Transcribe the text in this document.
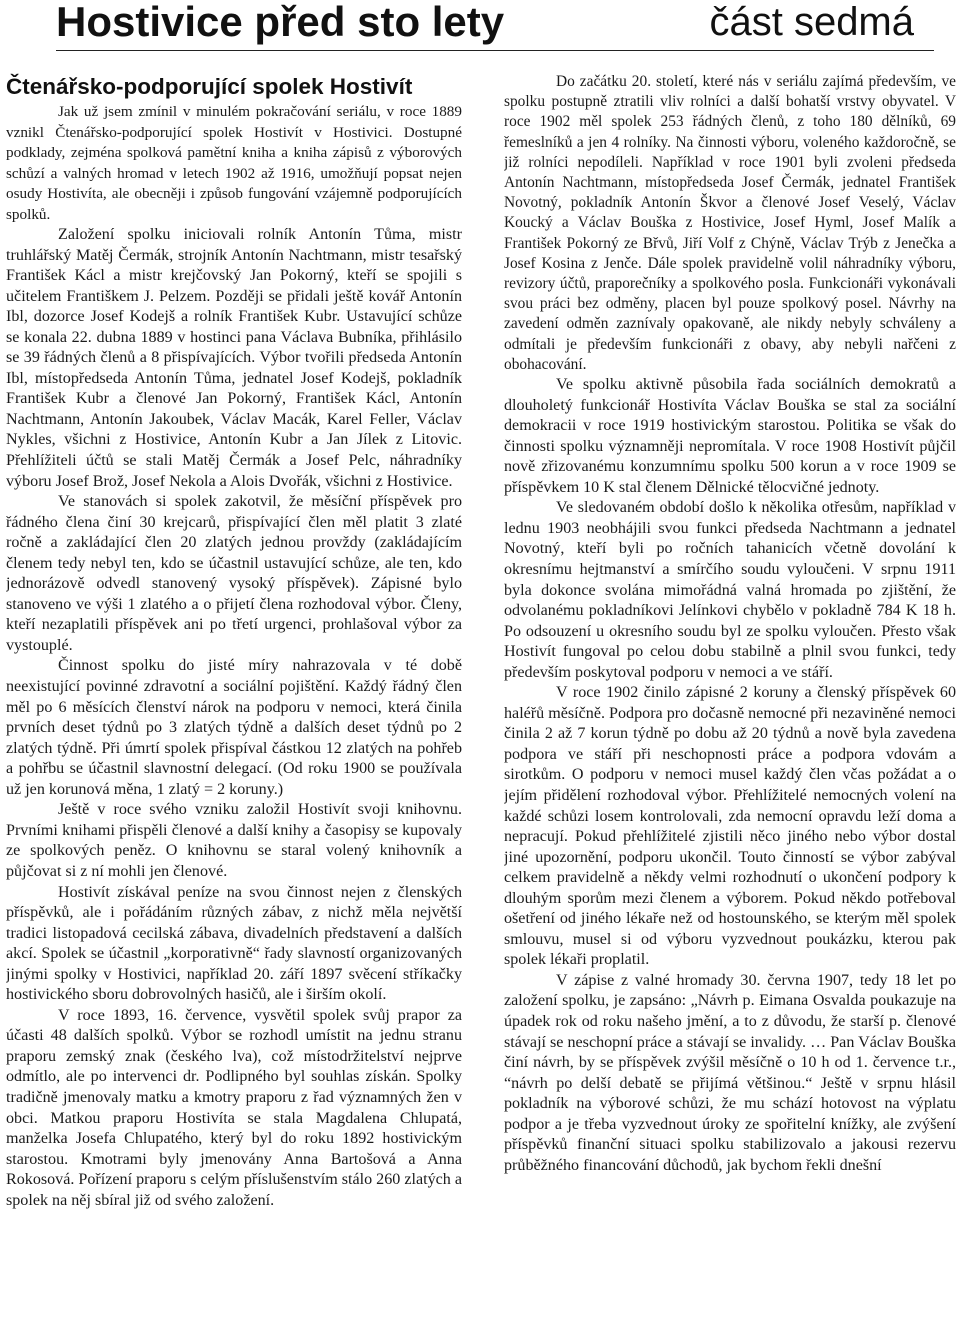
Hostivice před sto lety	část sedmá
Čtenářsko-podporující spolek Hostivít

Jak už jsem zmínil v minulém pokračování seriálu, v roce 1889 vznikl Čtenářsko-podporující spolek Hostivít v Hostivici. Dostupné podklady, zejména spolková pamětní kniha a kniha zápisů z výborových schůzí a valných hromad v letech 1902 až 1916, umožňují popsat nejen osudy Hostivíta, ale obecněji i způsob fungování vzájemně podporujících spolků.

Založení spolku iniciovali rolník Antonín Tůma, mistr truhlářský Matěj Čermák, strojník Antonín Nachtmann, mistr tesařský František Kácl a mistr krejčovský Jan Pokorný, kteří se spojili s učitelem Františkem J. Pelzem. Později se přidali ještě kovář Antonín Ibl, dozorce Josef Kodejš a rolník František Kubr. Ustavující schůze se konala 22. dubna 1889 v hostinci pana Václava Bubníka, přihlásilo se 39 řádných členů a 8 přispívajících. Výbor tvořili předseda Antonín Ibl, místopředseda Antonín Tůma, jednatel Josef Kodejš, pokladník František Kubr a členové Jan Pokorný, František Kácl, Antonín Nachtmann, Antonín Jakoubek, Václav Macák, Karel Feller, Václav Nykles, všichni z Hostivice, Antonín Kubr a Jan Jílek z Litovic. Přehlížiteli účtů se stali Matěj Čermák a Josef Pelc, náhradníky výboru Josef Brož, Josef Nekola a Alois Dvořák, všichni z Hostivice.

Ve stanovách si spolek zakotvil, že měsíční příspěvek pro řádného člena činí 30 krejcarů, přispívající člen měl platit 3 zlaté ročně a zakládající člen 20 zlatých jednou provždy (zakládajícím členem tedy nebyl ten, kdo se účastnil ustavující schůze, ale ten, kdo jednorázově odvedl stanovený vysoký příspěvek). Zápisné bylo stanoveno ve výši 1 zlatého a o přijetí člena rozhodoval výbor. Členy, kteří nezaplatili příspěvek ani po třetí urgenci, prohlašoval výbor za vystouplé.

Činnost spolku do jisté míry nahrazovala v té době neexistující povinné zdravotní a sociální pojištění. Každý řádný člen měl po 6 měsících členství nárok na podporu v nemoci, která činila prvních deset týdnů po 3 zlatých týdně a dalších deset týdnů po 2 zlatých týdně. Při úmrtí spolek přispíval částkou 12 zlatých na pohřeb a pohřbu se účastnil slavnostní delegací. (Od roku 1900 se používala už jen korunová měna, 1 zlatý = 2 koruny.)

Ještě v roce svého vzniku založil Hostivít svoji knihovnu. Prvními knihami přispěli členové a další knihy a časopisy se kupovaly ze spolkových peněz. O knihovnu se staral volený knihovník a půjčovat si z ní mohli jen členové.

Hostivít získával peníze na svou činnost nejen z členských příspěvků, ale i pořádáním různých zábav, z nichž měla největší tradici listopadová cecilská zábava, divadelních představení a dalších akcí. Spolek se účastnil „korporativně“ řady slavností organizovaných jinými spolky v Hostivici, například 20. září 1897 svěcení stříkačky hostivického sboru dobrovolných hasičů, ale i širším okolí.

V roce 1893, 16. července, vysvětil spolek svůj prapor za účasti 48 dalších spolků. Výbor se rozhodl umístit na jednu stranu praporu zemský znak (českého lva), což místodržitelství nejprve odmítlo, ale po intervenci dr. Podlipného byl souhlas získán. Spolky tradičně jmenovaly matku a kmotry praporu z řad významných žen v obci. Matkou praporu Hostivíta se stala Magdalena Chlupatá, manželka Josefa Chlupatého, který byl do roku 1892 hostivickým starostou. Kmotrami byly jmenovány Anna Bartošová a Anna Rokosová. Pořízení praporu s celým příslušenstvím stálo 260 zlatých a spolek na něj sbíral již od svého založení.

Do začátku 20. století, které nás v seriálu zajímá především, ve spolku postupně ztratili vliv rolníci a další bohatší vrstvy obyvatel. V roce 1902 měl spolek 253 řádných členů, z toho 180 dělníků, 69 řemeslníků a jen 4 rolníky. Na činnosti výboru, voleného každoročně, se již rolníci nepodíleli. Například v roce 1901 byli zvoleni předseda Antonín Nachtmann, místopředseda Josef Čermák, jednatel František Novotný, pokladník Antonín Škvor a členové Josef Veselý, Václav Koucký a Václav Bouška z Hostivice, Josef Hyml, Josef Malík a František Pokorný ze Břvů, Jiří Volf z Chýně, Václav Trýb z Jenečka a Josef Kosina z Jenče. Dále spolek pravidelně volil náhradníky výboru, revizory účtů, praporečníky a spolkového posla. Funkcionáři vykonávali svou práci bez odměny, placen byl pouze spolkový posel. Návrhy na zavedení odměn zaznívaly opakovaně, ale nikdy nebyly schváleny a odmítali je především funkcionáři z obavy, aby nebyli nařčeni z obohacování.

Ve spolku aktivně působila řada sociálních demokratů a dlouholetý funkcionář Hostivíta Václav Bouška se stal za sociální demokracii v roce 1919 hostivickým starostou. Politika se však do činnosti spolku významněji nepromítala. V roce 1908 Hostivít půjčil nově zřizovanému konzumnímu spolku 500 korun a v roce 1909 se příspěvkem 10 K stal členem Dělnické tělocvičné jednoty.

Ve sledovaném období došlo k několika otřesům, například v lednu 1903 neobhájili svou funkci předseda Nachtmann a jednatel Novotný, kteří byli po ročních tahanicích včetně dovolání k okresnímu hejtmanství a smírčího soudu vyloučeni. V srpnu 1911 byla dokonce svolána mimořádná valná hromada po zjištění, že odvolanému pokladníkovi Jelínkovi chybělo v pokladně 784 K 18 h. Po odsouzení u okresního soudu byl ze spolku vyloučen. Přesto však Hostivít fungoval po celou dobu stabilně a plnil svou funkci, tedy především poskytoval podporu v nemoci a ve stáří.

V roce 1902 činilo zápisné 2 koruny a členský příspěvek 60 haléřů měsíčně. Podpora pro dočasně nemocné při nezaviněné nemoci činila 2 až 7 korun týdně po dobu až 20 týdnů a nově byla zavedena podpora ve stáří při neschopnosti práce a podpora vdovám a sirotkům. O podporu v nemoci musel každý člen včas požádat a o jejím přidělení rozhodoval výbor. Přehlížitelé nemocných volení na každé schůzi losem kontrolovali, zda nemocní opravdu leží doma a nepracují. Pokud přehlížitelé zjistili něco jiného nebo výbor dostal jiné upozornění, podporu ukončil. Touto činností se výbor zabýval celkem pravidelně a někdy velmi rozhodnutí o ukončení podpory k dlouhým sporům mezi členem a výborem. Pokud někdo potřeboval ošetření od jiného lékaře než od hostounského, se kterým měl spolek smlouvu, musel si od výboru vyzvednout poukázku, kterou pak spolek lékaři proplatil.

V zápise z valné hromady 30. června 1907, tedy 18 let po založení spolku, je zapsáno: „Návrh p. Eimana Osvalda poukazuje na úpadek rok od roku našeho jmění, a to z důvodu, že starší p. členové stávají se neschopní práce a stávají se invalidy. … Pan Václav Bouška činí návrh, by se příspěvek zvýšil měsíčně o 10 h od 1. července t.r., “návrh po delší debatě se přijímá většinou.“ Ještě v srpnu hlásil pokladník na výborové schůzi, že mu schází hotovost na výplatu podpor a je třeba vyzvednout úroky ze spořitelní knížky, ale zvýšení příspěvků finanční situaci spolku stabilizovalo a jakousi rezervu průběžného financování důchodů, jak bychom řekli dnešní
